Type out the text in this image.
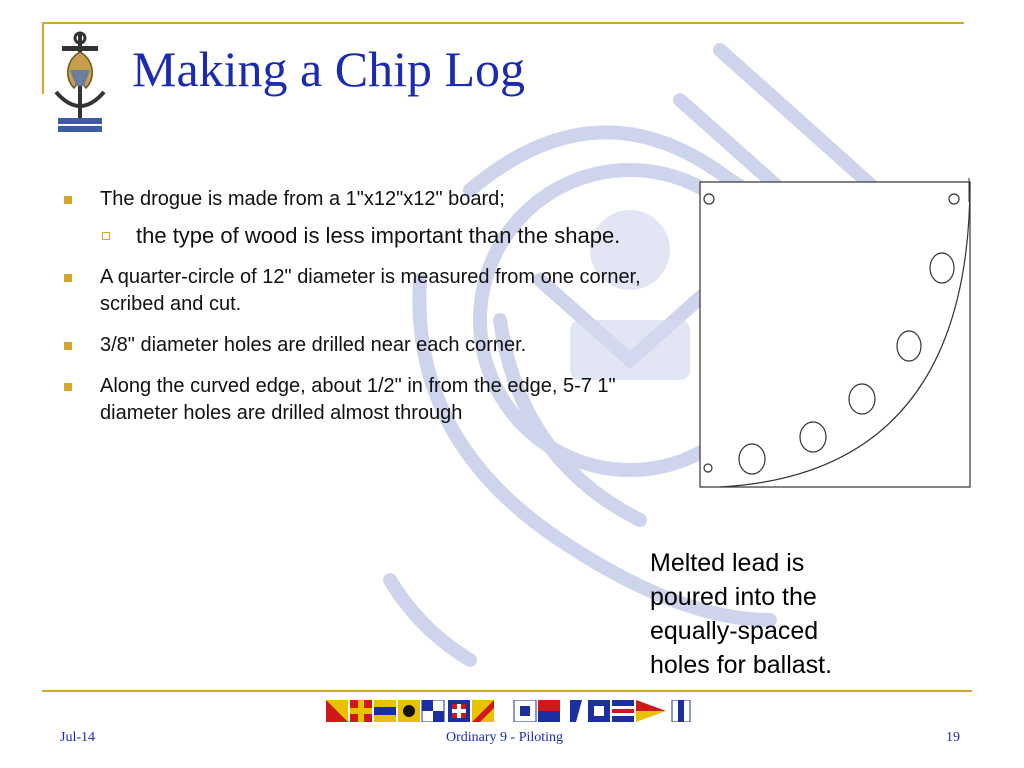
Making a Chip Log
The drogue is made from a 1"x12"x12" board;
the type of wood is less important than the shape.
A quarter-circle of 12" diameter is measured from one corner, scribed and cut.
3/8" diameter holes are drilled near each corner.
Along the curved edge, about 1/2" in from the edge, 5-7 1" diameter holes are drilled almost through
Melted lead is poured into the equally-spaced holes for ballast.
Jul-14	Ordinary 9 - Piloting	19
